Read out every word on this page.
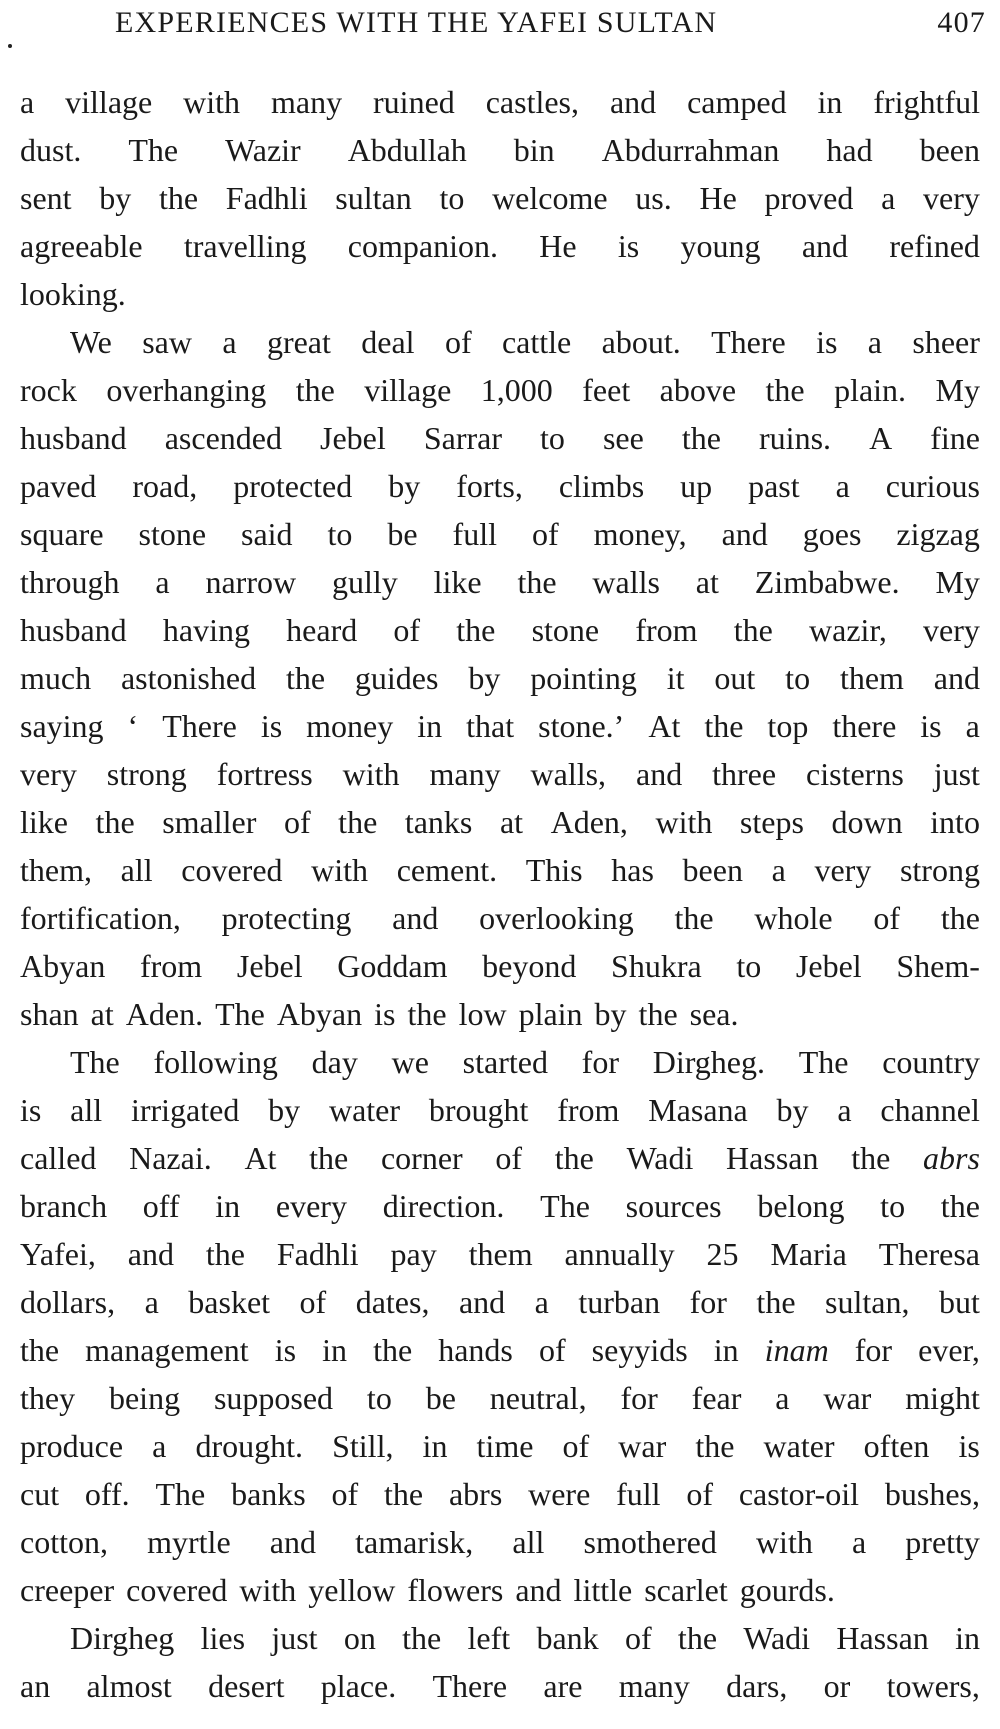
EXPERIENCES WITH THE YAFEI SULTAN	407
a village with many ruined castles, and camped in frightful
dust. The Wazir Abdullah bin Abdurrahman had been
sent by the Fadhli sultan to welcome us. He proved a very
agreeable travelling companion. He is young and refined
looking.
We saw a great deal of cattle about. There is a sheer
rock overhanging the village 1,000 feet above the plain. My
husband ascended Jebel Sarrar to see the ruins. A fine
paved road, protected by forts, climbs up past a curious
square stone said to be full of money, and goes zigzag
through a narrow gully like the walls at Zimbabwe. My
husband having heard of the stone from the wazir, very
much astonished the guides by pointing it out to them and
saying ‘ There is money in that stone.’ At the top there is a
very strong fortress with many walls, and three cisterns just
like the smaller of the tanks at Aden, with steps down into
them, all covered with cement. This has been a very strong
fortification, protecting and overlooking the whole of the
Abyan from Jebel Goddam beyond Shukra to Jebel Shem-
shan at Aden. The Abyan is the low plain by the sea.
The following day we started for Dirgheg. The country
is all irrigated by water brought from Masana by a channel
called Nazai. At the corner of the Wadi Hassan the abrs
branch off in every direction. The sources belong to the
Yafei, and the Fadhli pay them annually 25 Maria Theresa
dollars, a basket of dates, and a turban for the sultan, but
the management is in the hands of seyyids in inam for ever,
they being supposed to be neutral, for fear a war might
produce a drought. Still, in time of war the water often is
cut off. The banks of the abrs were full of castor-oil bushes,
cotton, myrtle and tamarisk, all smothered with a pretty
creeper covered with yellow flowers and little scarlet gourds.
Dirgheg lies just on the left bank of the Wadi Hassan in
an almost desert place. There are many dars, or towers,
